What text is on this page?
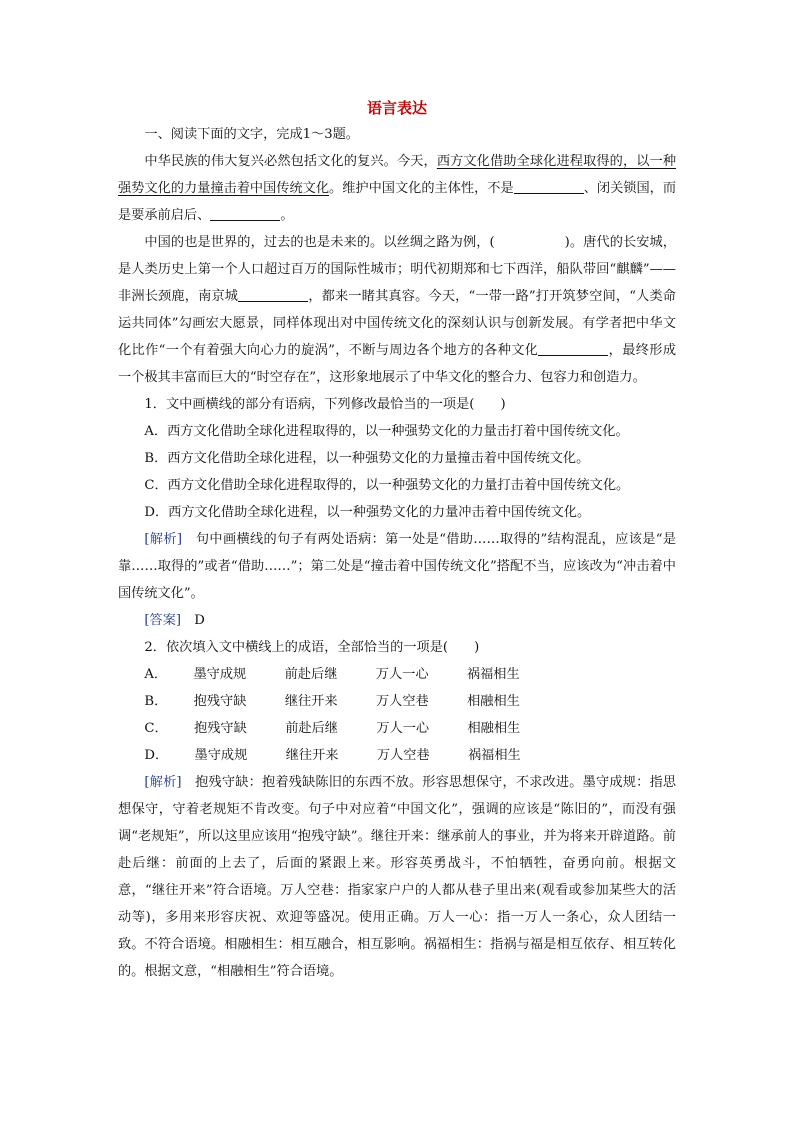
语言表达

一、阅读下面的文字，完成1～3题。

中华民族的伟大复兴必然包括文化的复兴。今天，西方文化借助全球化进程取得的，以一种强势文化的力量撞击着中国传统文化。维护中国文化的主体性，不是	、闭关锁国，而是要承前启后、	。

中国的也是世界的，过去的也是未来的。以丝绸之路为例，(	)。唐代的长安城，是人类历史上第一个人口超过百万的国际性城市；明代初期郑和七下西洋，船队带回“麒麟”——非洲长颈鹿，南京城	，都来一睹其真容。今天，“一带一路”打开筑梦空间，“人类命运共同体”勾画宏大愿景，同样体现出对中国传统文化的深刻认识与创新发展。有学者把中华文化比作“一个有着强大向心力的旋涡”，不断与周边各个地方的各种文化	，最终形成一个极其丰富而巨大的“时空存在”，这形象地展示了中华文化的整合力、包容力和创造力。

1．文中画横线的部分有语病，下列修改最恰当的一项是( )

A．西方文化借助全球化进程取得的，以一种强势文化的力量击打着中国传统文化。

B．西方文化借助全球化进程，以一种强势文化的力量撞击着中国传统文化。

C．西方文化借助全球化进程取得的，以一种强势文化的力量打击着中国传统文化。

D．西方文化借助全球化进程，以一种强势文化的力量冲击着中国传统文化。

[解析]　 句中画横线的句子有两处语病：第一处是“借助……取得的”结构混乱，应该是“是靠……取得的”或者“借助……”；第二处是“撞击着中国传统文化”搭配不当，应该改为“冲击着中国传统文化”。

[答案]　 D

2．依次填入文中横线上的成语，全部恰当的一项是( )

A． 墨守成规	前赴后继	万人一心	祸福相生

B． 抱残守缺	继往开来	万人空巷	相融相生

C． 抱残守缺	前赴后继	万人一心	相融相生

D． 墨守成规	继往开来	万人空巷	祸福相生

[解析]　 抱残守缺：抱着残缺陈旧的东西不放。形容思想保守，不求改进。墨守成规：指思想保守，守着老规矩不肯改变。句子中对应着“中国文化”，强调的应该是“陈旧的”，而没有强调“老规矩”，所以这里应该用“抱残守缺”。继往开来：继承前人的事业，并为将来开辟道路。前赴后继：前面的上去了，后面的紧跟上来。形容英勇战斗，不怕牺牲，奋勇向前。根据文意，“继往开来”符合语境。万人空巷：指家家户户的人都从巷子里出来(观看或参加某些大的活动等)，多用来形容庆祝、欢迎等盛况。使用正确。万人一心：指一万人一条心，众人团结一致。不符合语境。相融相生：相互融合，相互影响。祸福相生：指祸与福是相互依存、相互转化的。根据文意，“相融相生”符合语境。
